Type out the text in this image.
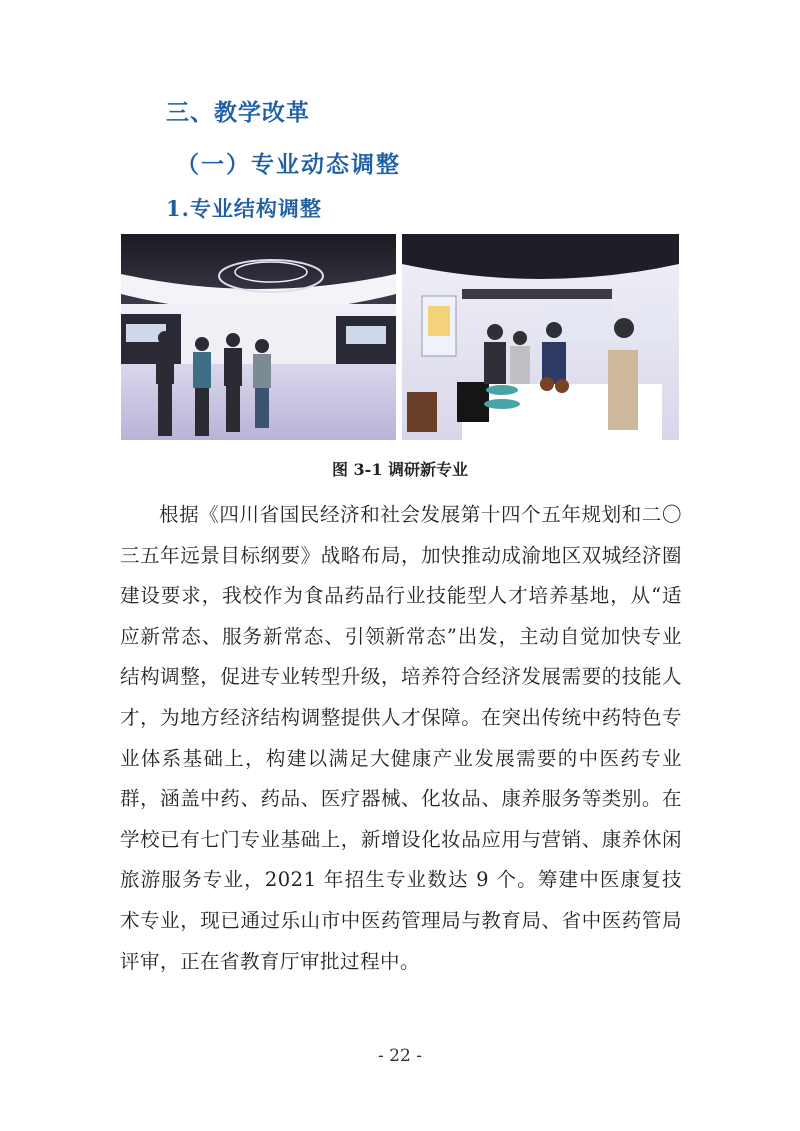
三、教学改革
（一）专业动态调整
1.专业结构调整
图 3-1 调研新专业
根据《四川省国民经济和社会发展第十四个五年规划和二〇三五年远景目标纲要》战略布局，加快推动成渝地区双城经济圈建设要求，我校作为食品药品行业技能型人才培养基地，从“适应新常态、服务新常态、引领新常态”出发，主动自觉加快专业结构调整，促进专业转型升级，培养符合经济发展需要的技能人才，为地方经济结构调整提供人才保障。在突出传统中药特色专业体系基础上，构建以满足大健康产业发展需要的中医药专业群，涵盖中药、药品、医疗器械、化妆品、康养服务等类别。在学校已有七门专业基础上，新增设化妆品应用与营销、康养休闲旅游服务专业，2021 年招生专业数达 9 个。筹建中医康复技术专业，现已通过乐山市中医药管理局与教育局、省中医药管局评审，正在省教育厅审批过程中。
- 22 -
